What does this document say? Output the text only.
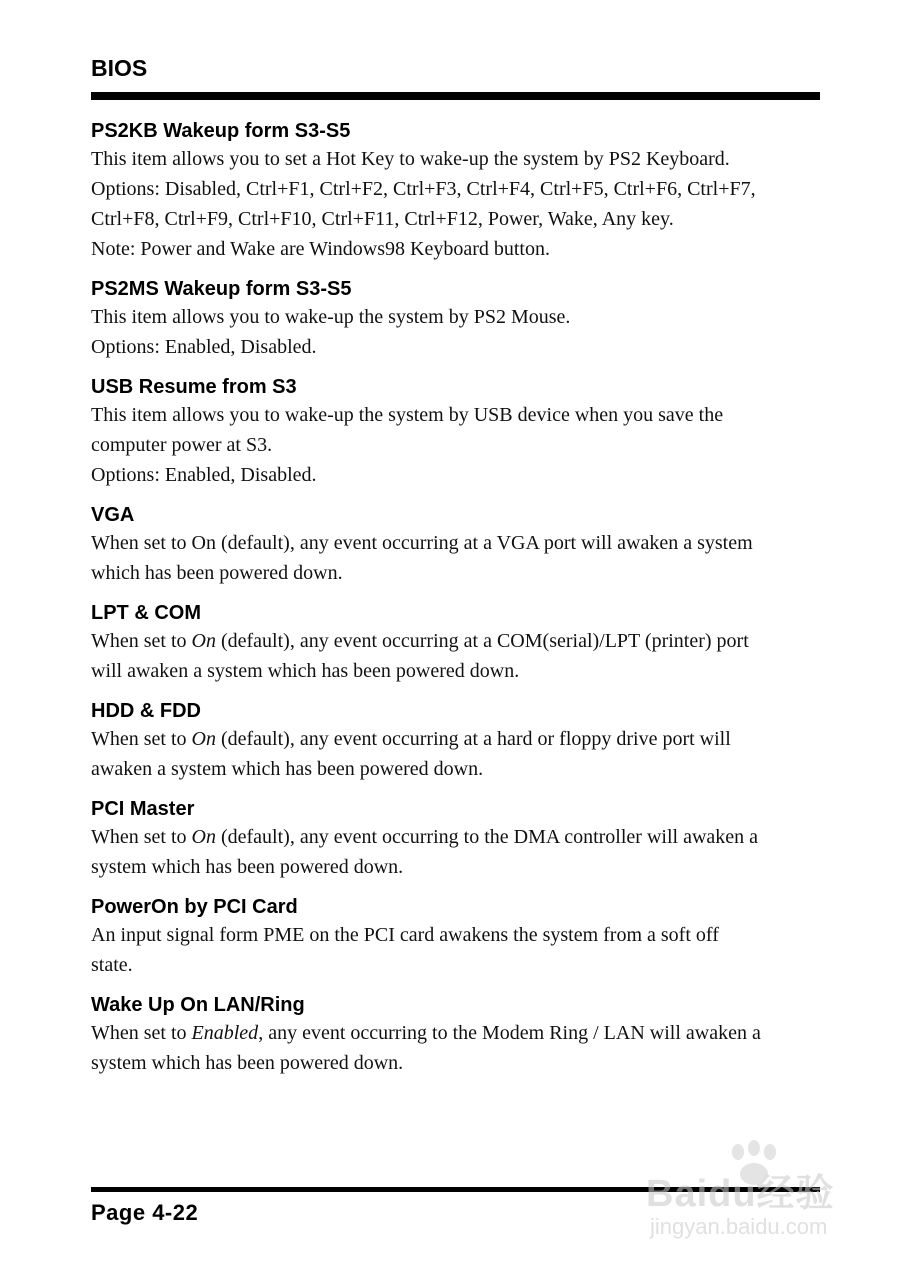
BIOS
PS2KB Wakeup form S3-S5

This item allows you to set a Hot Key to wake-up the system by PS2 Keyboard.
Options: Disabled, Ctrl+F1, Ctrl+F2, Ctrl+F3, Ctrl+F4, Ctrl+F5, Ctrl+F6, Ctrl+F7,
Ctrl+F8, Ctrl+F9, Ctrl+F10, Ctrl+F11, Ctrl+F12, Power, Wake, Any key.
Note: Power and Wake are Windows98 Keyboard button.

PS2MS Wakeup form S3-S5

This item allows you to wake-up the system by PS2 Mouse.
Options: Enabled, Disabled.

USB Resume from S3

This item allows you to wake-up the system by USB device when you save the
computer power at S3.
Options: Enabled, Disabled.

VGA

When set to On (default), any event occurring at a VGA port will awaken a system
which has been powered down.

LPT & COM

When set to On (default), any event occurring at a COM(serial)/LPT (printer) port
will awaken a system which has been powered down.

HDD & FDD

When set to On (default), any event occurring at a hard or floppy drive port will
awaken a system which has been powered down.

PCI Master

When set to On (default), any event occurring to the DMA controller will awaken a
system which has been powered down.

PowerOn by PCI Card

An input signal form PME on the PCI card awakens the system from a soft off
state.

Wake Up On LAN/Ring

When set to Enabled, any event occurring to the Modem Ring / LAN will awaken a
system which has been powered down.

Page 4-22	Baidu经验
jingyan.baidu.com
